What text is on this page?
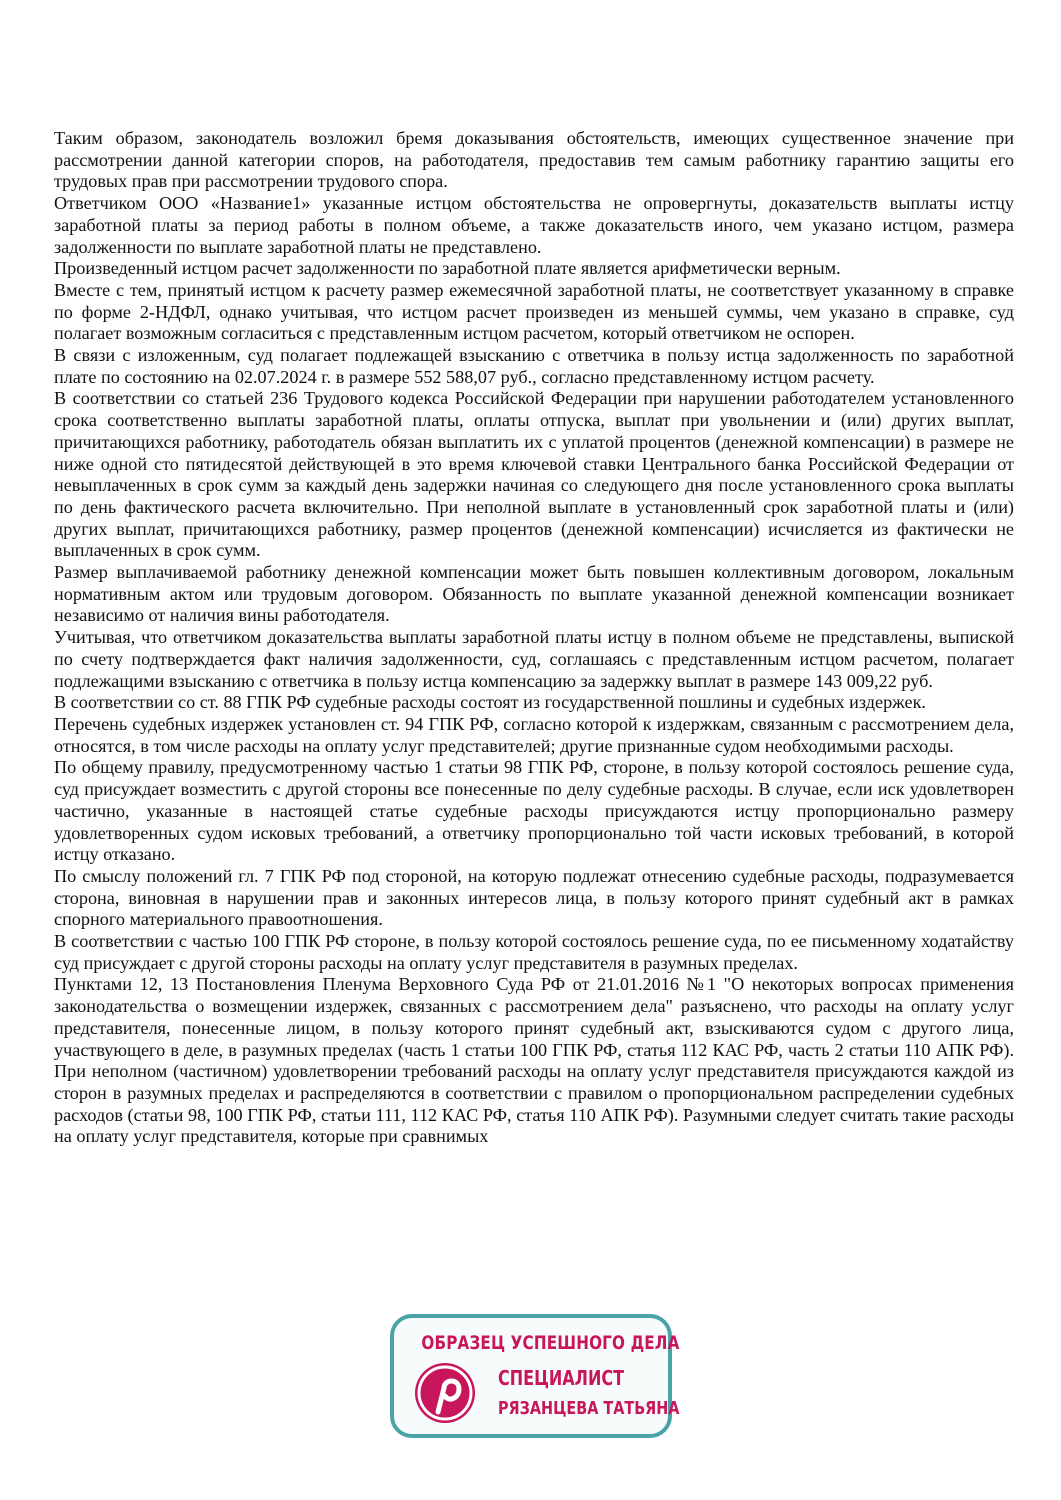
Таким образом, законодатель возложил бремя доказывания обстоятельств, имеющих существенное значение при рассмотрении данной категории споров, на работодателя, предоставив тем самым работнику гарантию защиты его трудовых прав при рассмотрении трудового спора.

Ответчиком ООО «Название1» указанные истцом обстоятельства не опровергнуты, доказательств выплаты истцу заработной платы за период работы в полном объеме, а также доказательств иного, чем указано истцом, размера задолженности по выплате заработной платы не представлено.

Произведенный истцом расчет задолженности по заработной плате является арифметически верным.

Вместе с тем, принятый истцом к расчету размер ежемесячной заработной платы, не соответствует указанному в справке по форме 2-НДФЛ, однако учитывая, что истцом расчет произведен из меньшей суммы, чем указано в справке, суд полагает возможным согласиться с представленным истцом расчетом, который ответчиком не оспорен.

В связи с изложенным, суд полагает подлежащей взысканию с ответчика в пользу истца задолженность по заработной плате по состоянию на 02.07.2024 г. в размере 552 588,07 руб., согласно представленному истцом расчету.

В соответствии со статьей 236 Трудового кодекса Российской Федерации при нарушении работодателем установленного срока соответственно выплаты заработной платы, оплаты отпуска, выплат при увольнении и (или) других выплат, причитающихся работнику, работодатель обязан выплатить их с уплатой процентов (денежной компенсации) в размере не ниже одной сто пятидесятой действующей в это время ключевой ставки Центрального банка Российской Федерации от невыплаченных в срок сумм за каждый день задержки начиная со следующего дня после установленного срока выплаты по день фактического расчета включительно. При неполной выплате в установленный срок заработной платы и (или) других выплат, причитающихся работнику, размер процентов (денежной компенсации) исчисляется из фактически не выплаченных в срок сумм.

Размер выплачиваемой работнику денежной компенсации может быть повышен коллективным договором, локальным нормативным актом или трудовым договором. Обязанность по выплате указанной денежной компенсации возникает независимо от наличия вины работодателя.

Учитывая, что ответчиком доказательства выплаты заработной платы истцу в полном объеме не представлены, выпиской по счету подтверждается факт наличия задолженности, суд, соглашаясь с представленным истцом расчетом, полагает подлежащими взысканию с ответчика в пользу истца компенсацию за задержку выплат в размере 143 009,22 руб.

В соответствии со ст. 88 ГПК РФ судебные расходы состоят из государственной пошлины и судебных издержек.

Перечень судебных издержек установлен ст. 94 ГПК РФ, согласно которой к издержкам, связанным с рассмотрением дела, относятся, в том числе расходы на оплату услуг представителей; другие признанные судом необходимыми расходы.

По общему правилу, предусмотренному частью 1 статьи 98 ГПК РФ, стороне, в пользу которой состоялось решение суда, суд присуждает возместить с другой стороны все понесенные по делу судебные расходы. В случае, если иск удовлетворен частично, указанные в настоящей статье судебные расходы присуждаются истцу пропорционально размеру удовлетворенных судом исковых требований, а ответчику пропорционально той части исковых требований, в которой истцу отказано.

По смыслу положений гл. 7 ГПК РФ под стороной, на которую подлежат отнесению судебные расходы, подразумевается сторона, виновная в нарушении прав и законных интересов лица, в пользу которого принят судебный акт в рамках спорного материального правоотношения.

В соответствии с частью 100 ГПК РФ стороне, в пользу которой состоялось решение суда, по ее письменному ходатайству суд присуждает с другой стороны расходы на оплату услуг представителя в разумных пределах.

Пунктами 12, 13 Постановления Пленума Верховного Суда РФ от 21.01.2016 №1 "О некоторых вопросах применения законодательства о возмещении издержек, связанных с рассмотрением дела" разъяснено, что расходы на оплату услуг представителя, понесенные лицом, в пользу которого принят судебный акт, взыскиваются судом с другого лица, участвующего в деле, в разумных пределах (часть 1 статьи 100 ГПК РФ, статья 112 КАС РФ, часть 2 статьи 110 АПК РФ). При неполном (частичном) удовлетворении требований расходы на оплату услуг представителя присуждаются каждой из сторон в разумных пределах и распределяются в соответствии с правилом о пропорциональном распределении судебных расходов (статьи 98, 100 ГПК РФ, статьи 111, 112 КАС РФ, статья 110 АПК РФ). Разумными следует считать такие расходы на оплату услуг представителя, которые при сравнимых

ОБРАЗЕЦ УСПЕШНОГО ДЕЛА
СПЕЦИАЛИСТ
РЯЗАНЦЕВА ТАТЬЯНА
